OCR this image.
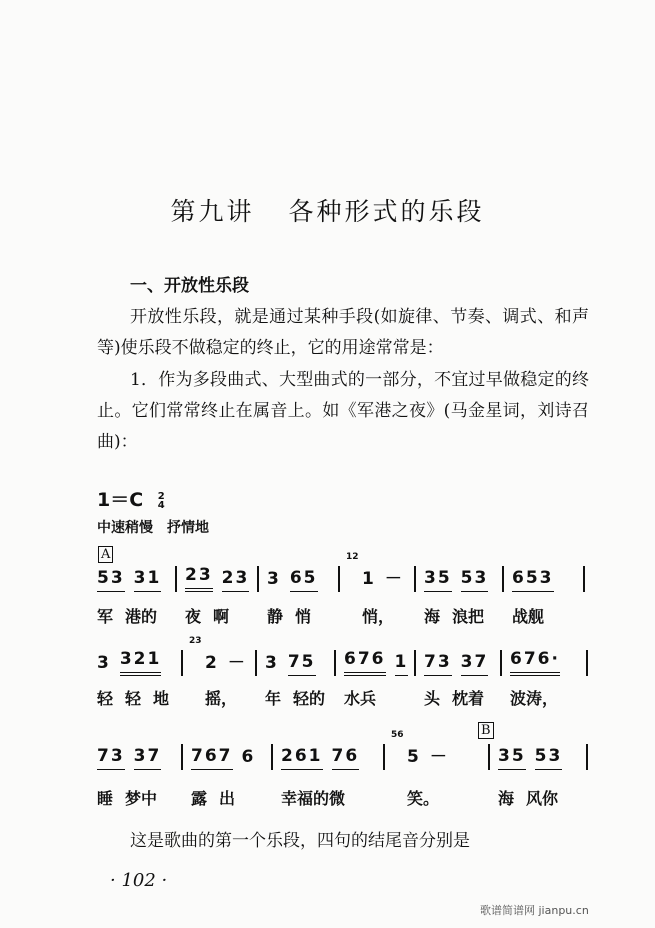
第九讲 各种形式的乐段
一、开放性乐段
开放性乐段，就是通过某种手段(如旋律、节奏、调式、和声等)使乐段不做稳定的终止，它的用途常常是：
1．作为多段曲式、大型曲式的一部分，不宜过早做稳定的终止。它们常常终止在属音上。如《军港之夜》(马金星词，刘诗召曲)：
1＝C 2
4
中速稍慢 抒情地
A
B
53 31 23 23 3 65
12
1 － 35 53 653
军 港的 夜 啊 静 悄	悄， 海 浪把 战舰
3 321
23
2 － 3 75 676 1 73 37 676·
轻 轻 地 摇， 年 轻的 水兵	头 枕着 波涛，
73 37 767 6 261 76
56
5 －	35 53
睡 梦中 露 出	幸福的微	笑。	海 风你
这是歌曲的第一个乐段，四句的结尾音分别是
· 102 ·
歌谱简谱网 jianpu.cn
